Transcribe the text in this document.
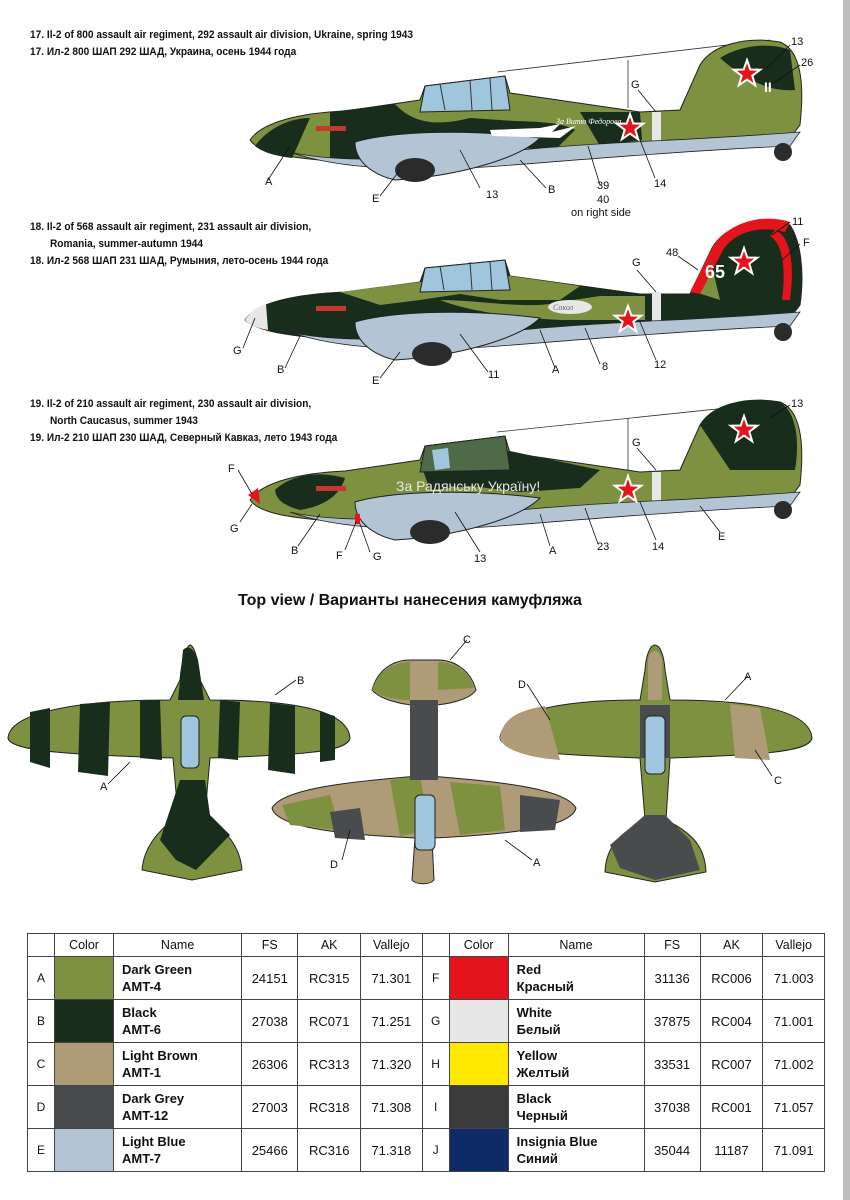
17. Il-2 of 800 assault air regiment, 292 assault air division, Ukraine, spring 1943
17. Ил-2 800 ШАП 292 ШАД, Украина, осень 1944 года
18. Il-2 of 568 assault air regiment, 231 assault air division,
Romania, summer-autumn 1944
18. Ил-2 568 ШАП 231 ШАД, Румыния, лето-осень 1944 года
19. Il-2 of 210 assault air regiment, 230 assault air division,
North Caucasus, summer 1943
19. Ил-2 210 ШАП 230 ШАД, Северный Кавказ, лето 1943 года
Top view / Варианты нанесения камуфляжа
II
За Витю Федорова
A
E	13	B	39
40
on right side
14
G
13
26
Сокол
65
G
B
E	11	A	8	12
G
48
11
F
За Радянську Україну!
F
G
B	F	G	13
A	23	14
E
G
13
B
A
C
D	A
D
A
C
	Color	Name	FS	AK	Vallejo		Color	Name	FS	AK	Vallejo
A		Dark Green
AMT-4	24151	RC315	71.301	F		Red
Красный	31136	RC006	71.003
B		Black
AMT-6	27038	RC071	71.251	G		White
Белый	37875	RC004	71.001
C		Light Brown
AMT-1	26306	RC313	71.320	H		Yellow
Желтый	33531	RC007	71.002
D		Dark Grey
AMT-12	27003	RC318	71.308	I		Black
Черный	37038	RC001	71.057
E		Light Blue
AMT-7	25466	RC316	71.318	J		Insignia Blue
Синий	35044	11187	71.091
